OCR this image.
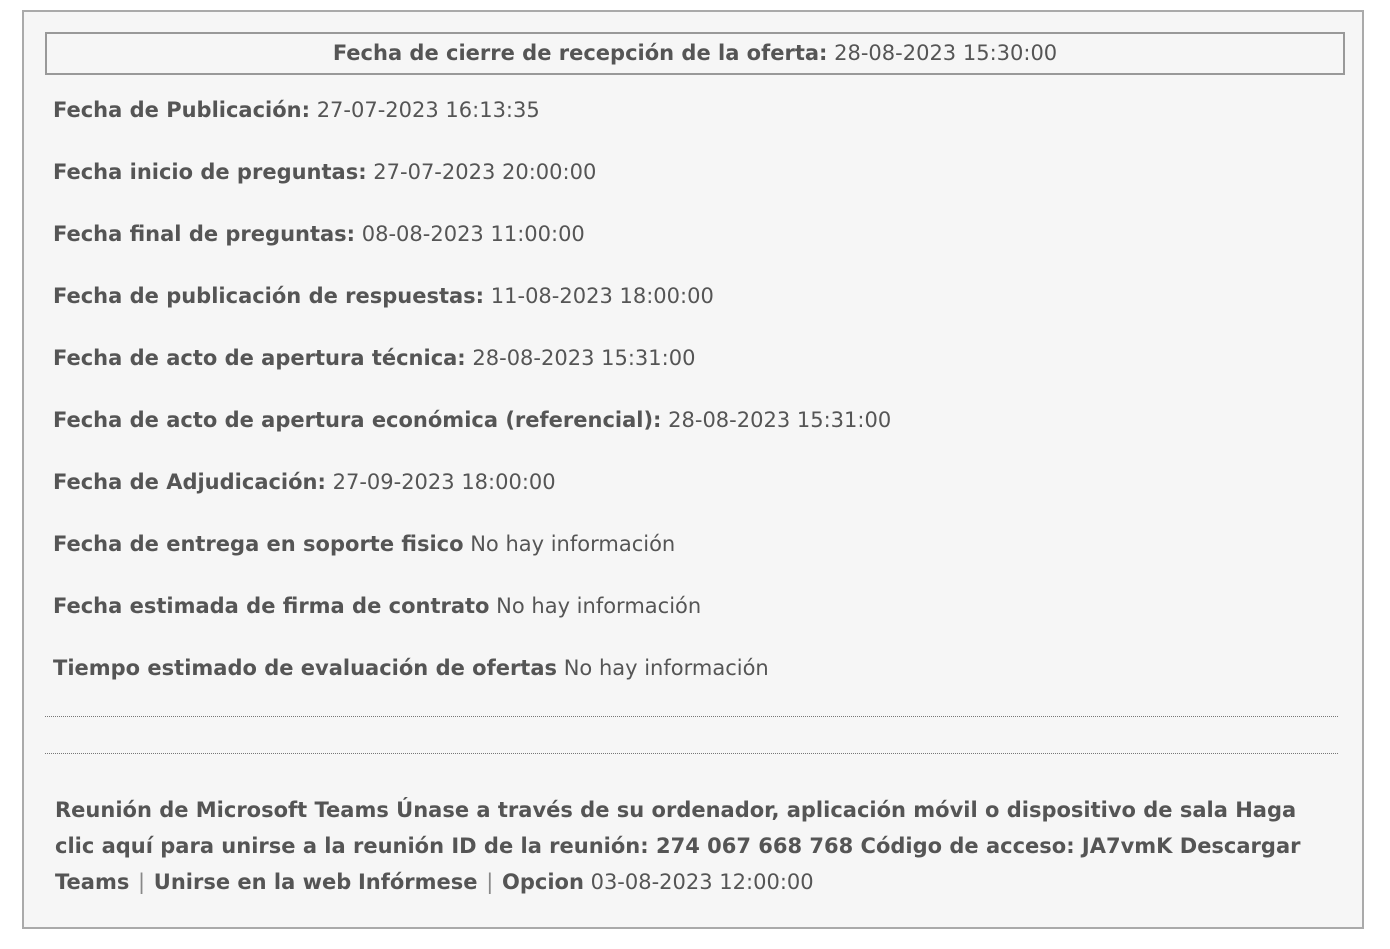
Fecha de cierre de recepción de la oferta: 28-08-2023 15:30:00
Fecha de Publicación: 27-07-2023 16:13:35
Fecha inicio de preguntas: 27-07-2023 20:00:00
Fecha final de preguntas: 08-08-2023 11:00:00
Fecha de publicación de respuestas: 11-08-2023 18:00:00
Fecha de acto de apertura técnica: 28-08-2023 15:31:00
Fecha de acto de apertura económica (referencial): 28-08-2023 15:31:00
Fecha de Adjudicación: 27-09-2023 18:00:00
Fecha de entrega en soporte fisico No hay información
Fecha estimada de firma de contrato No hay información
Tiempo estimado de evaluación de ofertas No hay información
Reunión de Microsoft Teams Únase a través de su ordenador, aplicación móvil o dispositivo de sala Haga clic aquí para unirse a la reunión ID de la reunión: 274 067 668 768 Código de acceso: JA7vmK Descargar Teams | Unirse en la web Infórmese | Opcion 03-08-2023 12:00:00
